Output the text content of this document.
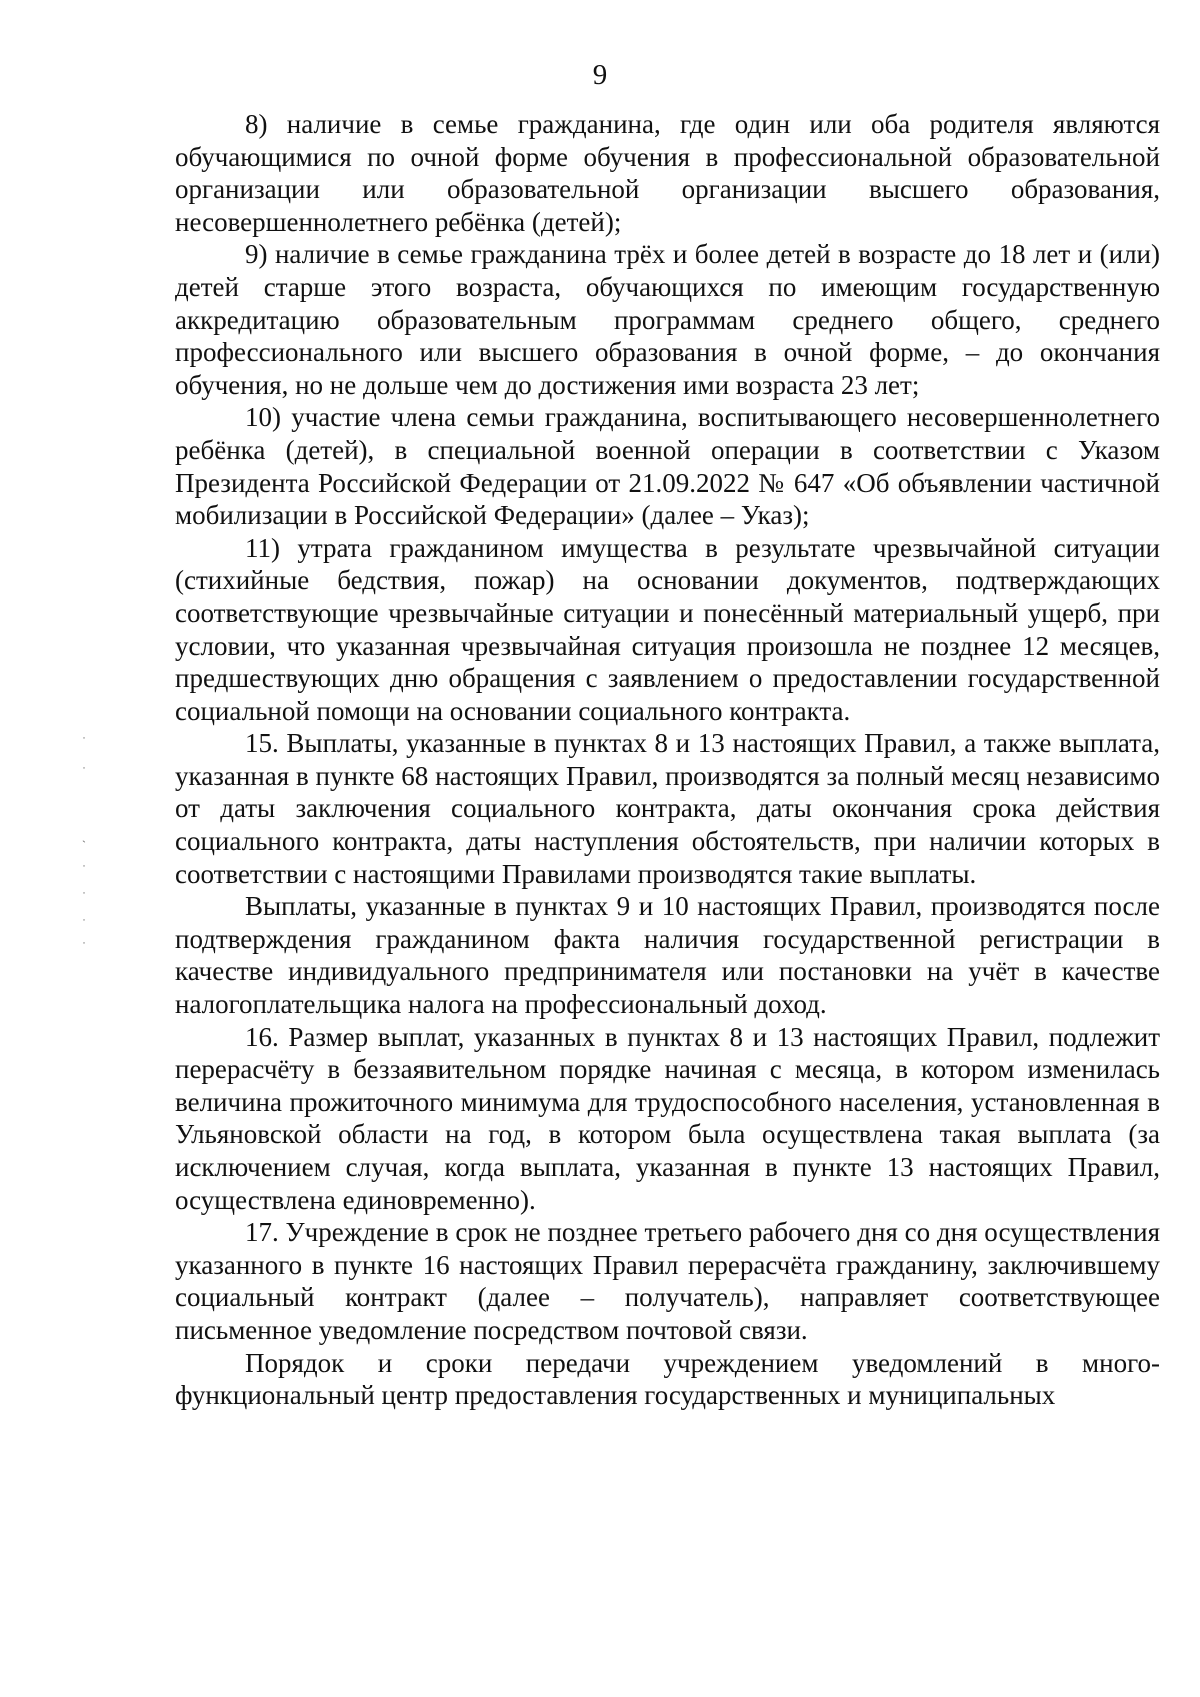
9
˙
˙
ˎ
˙
˙
˙
˙

8) наличие в семье гражданина, где один или оба родителя являются обучающимися по очной форме обучения в профессиональной образовательной организации или образовательной организации высшего образования, несовершеннолетнего ребёнка (детей);

9) наличие в семье гражданина трёх и более детей в возрасте до 18 лет и (или) детей старше этого возраста, обучающихся по имеющим государственную аккредитацию образовательным программам среднего общего, среднего профессионального или высшего образования в очной форме, – до окончания обучения, но не дольше чем до достижения ими возраста 23 лет;

10) участие члена семьи гражданина, воспитывающего несовершеннолетнего ребёнка (детей), в специальной военной операции в соответствии с Указом Президента Российской Федерации от 21.09.2022 № 647 «Об объявлении частичной мобилизации в Российской Федерации» (далее – Указ);

11) утрата гражданином имущества в результате чрезвычайной ситуации (стихийные бедствия, пожар) на основании документов, подтверждающих соответствующие чрезвычайные ситуации и понесённый материальный ущерб, при условии, что указанная чрезвычайная ситуация произошла не позднее 12 месяцев, предшествующих дню обращения с заявлением о предоставлении государственной социальной помощи на основании социального контракта.

15. Выплаты, указанные в пунктах 8 и 13 настоящих Правил, а также выплата, указанная в пункте 68 настоящих Правил, производятся за полный месяц независимо от даты заключения социального контракта, даты окончания срока действия социального контракта, даты наступления обстоятельств, при наличии которых в соответствии с настоящими Правилами производятся такие выплаты.

Выплаты, указанные в пунктах 9 и 10 настоящих Правил, производятся после подтверждения гражданином факта наличия государственной регистрации в качестве индивидуального предпринимателя или постановки на учёт в качестве налогоплательщика налога на профессиональный доход.

16. Размер выплат, указанных в пунктах 8 и 13 настоящих Правил, подлежит перерасчёту в беззаявительном порядке начиная с месяца, в котором изменилась величина прожиточного минимума для трудоспособного населения, установленная в Ульяновской области на год, в котором была осуществлена такая выплата (за исключением случая, когда выплата, указанная в пункте 13 настоящих Правил, осуществлена единовременно).

17. Учреждение в срок не позднее третьего рабочего дня со дня осуществления указанного в пункте 16 настоящих Правил перерасчёта гражданину, заключившему социальный контракт (далее – получатель), направляет соответствующее письменное уведомление посредством почтовой связи.

Порядок и сроки передачи учреждением уведомлений в многофункциональный центр предоставления государственных и муниципальных
